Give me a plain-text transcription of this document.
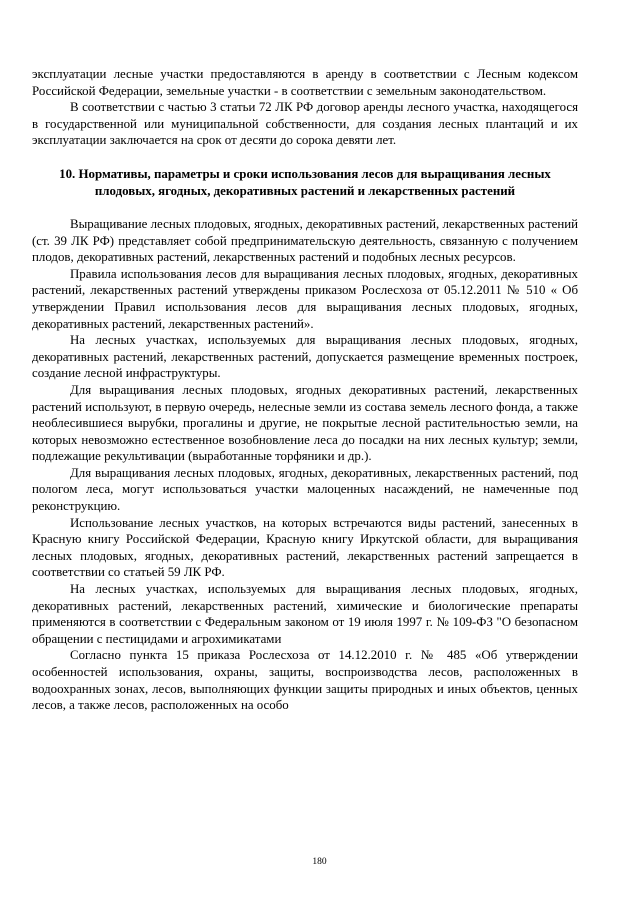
эксплуатации лесные участки предоставляются в аренду в соответствии с Лесным кодексом Российской Федерации, земельные участки - в соответствии с земельным законодательством.

В соответствии с частью 3 статьи 72 ЛК РФ договор аренды лесного участка, находящегося в государственной или муниципальной собственности, для создания лесных плантаций и их эксплуатации заключается на срок от десяти до сорока девяти лет.

10. Нормативы, параметры и сроки использования лесов для выращивания лесных плодовых, ягодных, декоративных растений и лекарственных растений

Выращивание лесных плодовых, ягодных, декоративных растений, лекарственных растений (ст. 39 ЛК РФ) представляет собой предпринимательскую деятельность, связанную с получением плодов, декоративных растений, лекарственных растений и подобных лесных ресурсов.

Правила использования лесов для выращивания лесных плодовых, ягодных, декоративных растений, лекарственных растений утверждены приказом Рослесхоза от 05.12.2011 № 510 « Об утверждении Правил использования лесов для выращивания лесных плодовых, ягодных, декоративных растений, лекарственных растений».

На лесных участках, используемых для выращивания лесных плодовых, ягодных, декоративных растений, лекарственных растений, допускается размещение временных построек, создание лесной инфраструктуры.

Для выращивания лесных плодовых, ягодных декоративных растений, лекарственных растений используют, в первую очередь, нелесные земли из состава земель лесного фонда, а также необлесившиеся вырубки, прогалины и другие, не покрытые лесной растительностью земли, на которых невозможно естественное возобновление леса до посадки на них лесных культур; земли, подлежащие рекультивации (выработанные торфяники и др.).

Для выращивания лесных плодовых, ягодных, декоративных, лекарственных растений, под пологом леса, могут использоваться участки малоценных насаждений, не намеченные под реконструкцию.

Использование лесных участков, на которых встречаются виды растений, занесенных в Красную книгу Российской Федерации, Красную книгу Иркутской области, для выращивания лесных плодовых, ягодных, декоративных растений, лекарственных растений запрещается в соответствии со статьей 59 ЛК РФ.

На лесных участках, используемых для выращивания лесных плодовых, ягодных, декоративных растений, лекарственных растений, химические и биологические препараты применяются в соответствии с Федеральным законом от 19 июля 1997 г. № 109-ФЗ "О безопасном обращении с пестицидами и агрохимикатами

Согласно пункта 15 приказа Рослесхоза от 14.12.2010 г. № 485 «Об утверждении особенностей использования, охраны, защиты, воспроизводства лесов, расположенных в водоохранных зонах, лесов, выполняющих функции защиты природных и иных объектов, ценных лесов, а также лесов, расположенных на особо

180
